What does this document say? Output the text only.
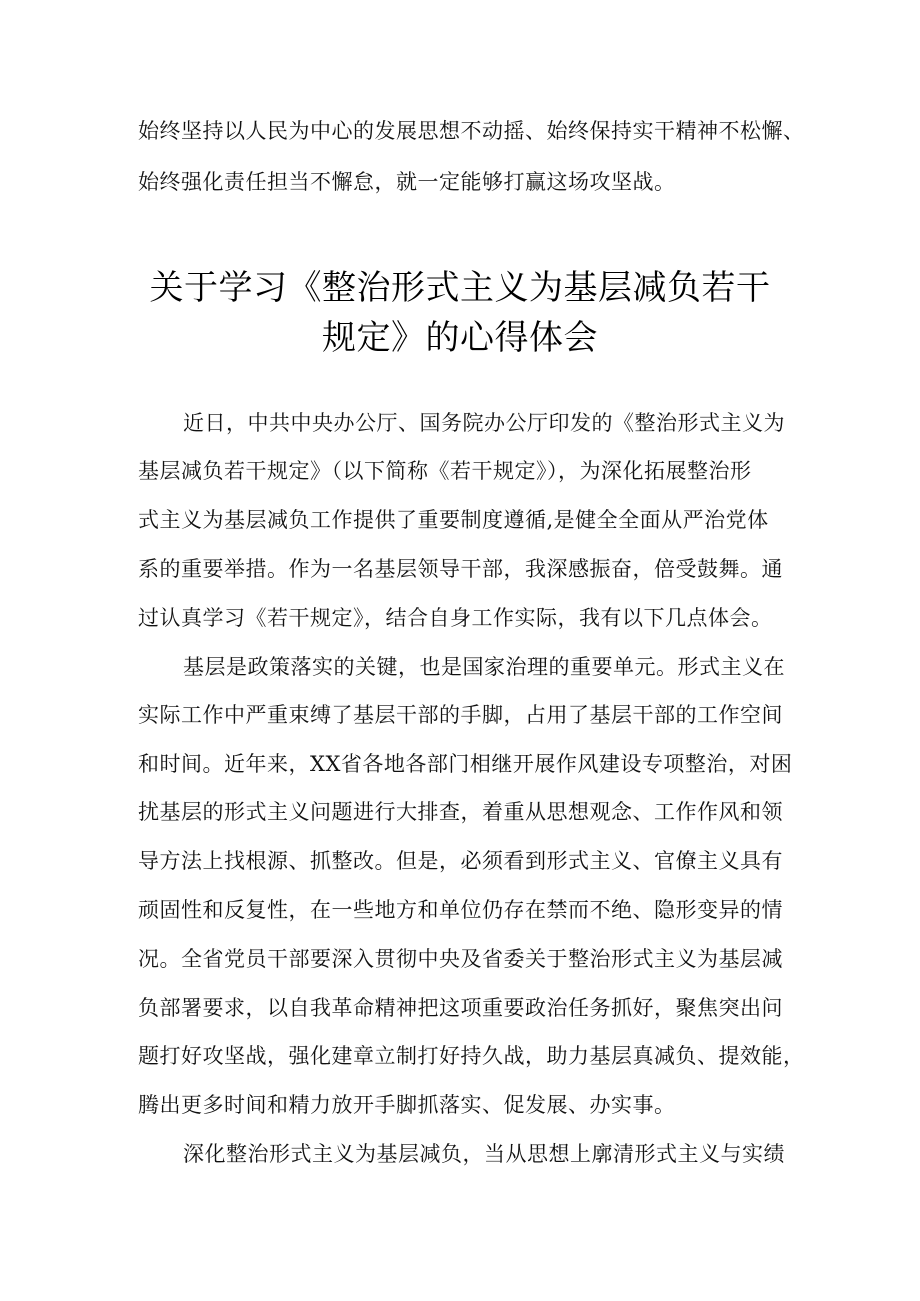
始终坚持以人民为中心的发展思想不动摇、始终保持实干精神不松懈、
始终强化责任担当不懈怠，就一定能够打赢这场攻坚战。
关于学习《整治形式主义为基层减负若干
规定》的心得体会
近日，中共中央办公厅、国务院办公厅印发的《整治形式主义为
基层减负若干规定》（以下简称《若干规定》），为深化拓展整治形
式主义为基层减负工作提供了重要制度遵循,是健全全面从严治党体
系的重要举措。作为一名基层领导干部，我深感振奋，倍受鼓舞。通
过认真学习《若干规定》，结合自身工作实际，我有以下几点体会。
基层是政策落实的关键，也是国家治理的重要单元。形式主义在
实际工作中严重束缚了基层干部的手脚，占用了基层干部的工作空间
和时间。近年来，XX省各地各部门相继开展作风建设专项整治，对困
扰基层的形式主义问题进行大排查，着重从思想观念、工作作风和领
导方法上找根源、抓整改。但是，必须看到形式主义、官僚主义具有
顽固性和反复性，在一些地方和单位仍存在禁而不绝、隐形变异的情
况。全省党员干部要深入贯彻中央及省委关于整治形式主义为基层减
负部署要求，以自我革命精神把这项重要政治任务抓好，聚焦突出问
题打好攻坚战，强化建章立制打好持久战，助力基层真减负、提效能，
腾出更多时间和精力放开手脚抓落实、促发展、办实事。
深化整治形式主义为基层减负，当从思想上廓清形式主义与实绩
